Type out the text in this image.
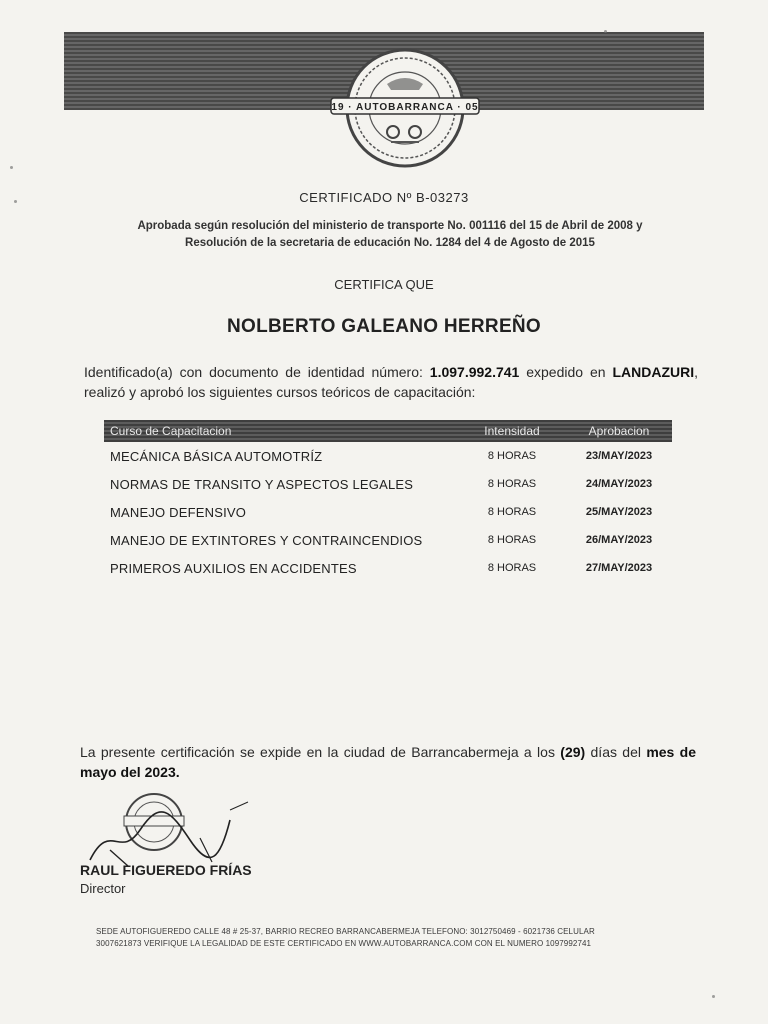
19 · AUTOBARRANCA · 05
CERTIFICADO Nº B-03273
Aprobada según resolución del ministerio de transporte No. 001116 del 15 de Abril de 2008 y
Resolución de la secretaria de educación No. 1284 del 4 de Agosto de 2015
CERTIFICA QUE
NOLBERTO GALEANO HERREÑO
Identificado(a) con documento de identidad número: 1.097.992.741 expedido en LANDAZURI, realizó y aprobó los siguientes cursos teóricos de capacitación:
Curso de Capacitacion	Intensidad	Aprobacion
MECÁNICA BÁSICA AUTOMOTRÍZ	8 HORAS	23/MAY/2023
NORMAS DE TRANSITO Y ASPECTOS LEGALES	8 HORAS	24/MAY/2023
MANEJO DEFENSIVO	8 HORAS	25/MAY/2023
MANEJO DE EXTINTORES Y CONTRAINCENDIOS	8 HORAS	26/MAY/2023
PRIMEROS AUXILIOS EN ACCIDENTES	8 HORAS	27/MAY/2023
La presente certificación se expide en la ciudad de Barrancabermeja a los (29) días del mes de mayo del 2023.
RAUL FIGUEREDO FRÍAS
Director
SEDE AUTOFIGUEREDO CALLE 48 # 25-37, BARRIO RECREO BARRANCABERMEJA TELEFONO: 3012750469 - 6021736 CELULAR
3007621873 VERIFIQUE LA LEGALIDAD DE ESTE CERTIFICADO EN WWW.AUTOBARRANCA.COM CON EL NUMERO 1097992741
